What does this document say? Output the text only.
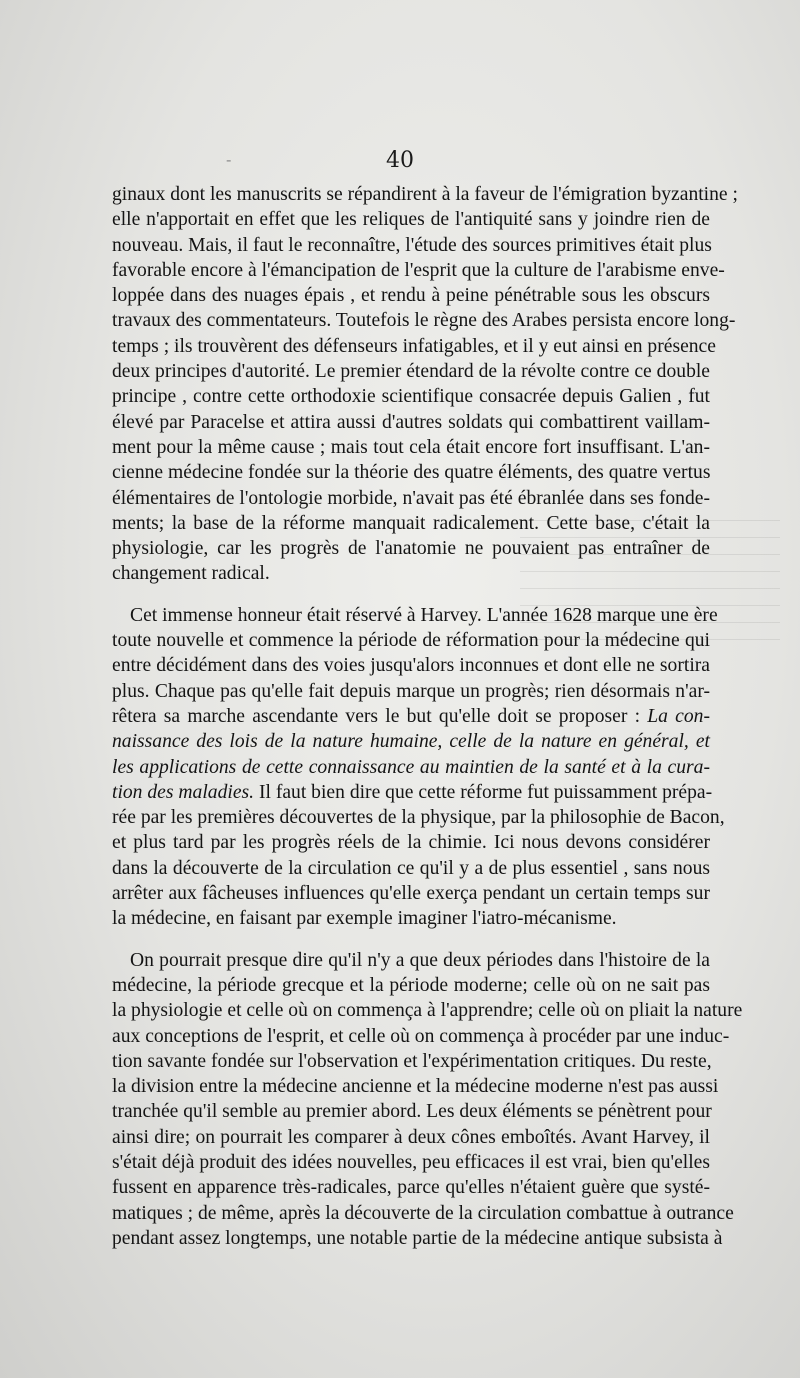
-	40

ginaux dont les manuscrits se répandirent à la faveur de l'émigration byzantine ;
elle n'apportait en effet que les reliques de l'antiquité sans y joindre rien de
nouveau. Mais, il faut le reconnaître, l'étude des sources primitives était plus
favorable encore à l'émancipation de l'esprit que la culture de l'arabisme enve-
loppée dans des nuages épais , et rendu à peine pénétrable sous les obscurs
travaux des commentateurs. Toutefois le règne des Arabes persista encore long-
temps ; ils trouvèrent des défenseurs infatigables, et il y eut ainsi en présence
deux principes d'autorité. Le premier étendard de la révolte contre ce double
principe , contre cette orthodoxie scientifique consacrée depuis Galien , fut
élevé par Paracelse et attira aussi d'autres soldats qui combattirent vaillam-
ment pour la même cause ; mais tout cela était encore fort insuffisant. L'an-
cienne médecine fondée sur la théorie des quatre éléments, des quatre vertus
élémentaires de l'ontologie morbide, n'avait pas été ébranlée dans ses fonde-
ments; la base de la réforme manquait radicalement. Cette base, c'était la
physiologie, car les progrès de l'anatomie ne pouvaient pas entraîner de
changement radical.

Cet immense honneur était réservé à Harvey. L'année 1628 marque une ère
toute nouvelle et commence la période de réformation pour la médecine qui
entre décidément dans des voies jusqu'alors inconnues et dont elle ne sortira
plus. Chaque pas qu'elle fait depuis marque un progrès; rien désormais n'ar-
rêtera sa marche ascendante vers le but qu'elle doit se proposer : La con-
naissance des lois de la nature humaine, celle de la nature en général, et
les applications de cette connaissance au maintien de la santé et à la cura-
tion des maladies. Il faut bien dire que cette réforme fut puissamment prépa-
rée par les premières découvertes de la physique, par la philosophie de Bacon,
et plus tard par les progrès réels de la chimie. Ici nous devons considérer
dans la découverte de la circulation ce qu'il y a de plus essentiel , sans nous
arrêter aux fâcheuses influences qu'elle exerça pendant un certain temps sur
la médecine, en faisant par exemple imaginer l'iatro-mécanisme.

On pourrait presque dire qu'il n'y a que deux périodes dans l'histoire de la
médecine, la période grecque et la période moderne; celle où on ne sait pas
la physiologie et celle où on commença à l'apprendre; celle où on pliait la nature
aux conceptions de l'esprit, et celle où on commença à procéder par une induc-
tion savante fondée sur l'observation et l'expérimentation critiques. Du reste,
la division entre la médecine ancienne et la médecine moderne n'est pas aussi
tranchée qu'il semble au premier abord. Les deux éléments se pénètrent pour
ainsi dire; on pourrait les comparer à deux cônes emboîtés. Avant Harvey, il
s'était déjà produit des idées nouvelles, peu efficaces il est vrai, bien qu'elles
fussent en apparence très-radicales, parce qu'elles n'étaient guère que systé-
matiques ; de même, après la découverte de la circulation combattue à outrance
pendant assez longtemps, une notable partie de la médecine antique subsista à
